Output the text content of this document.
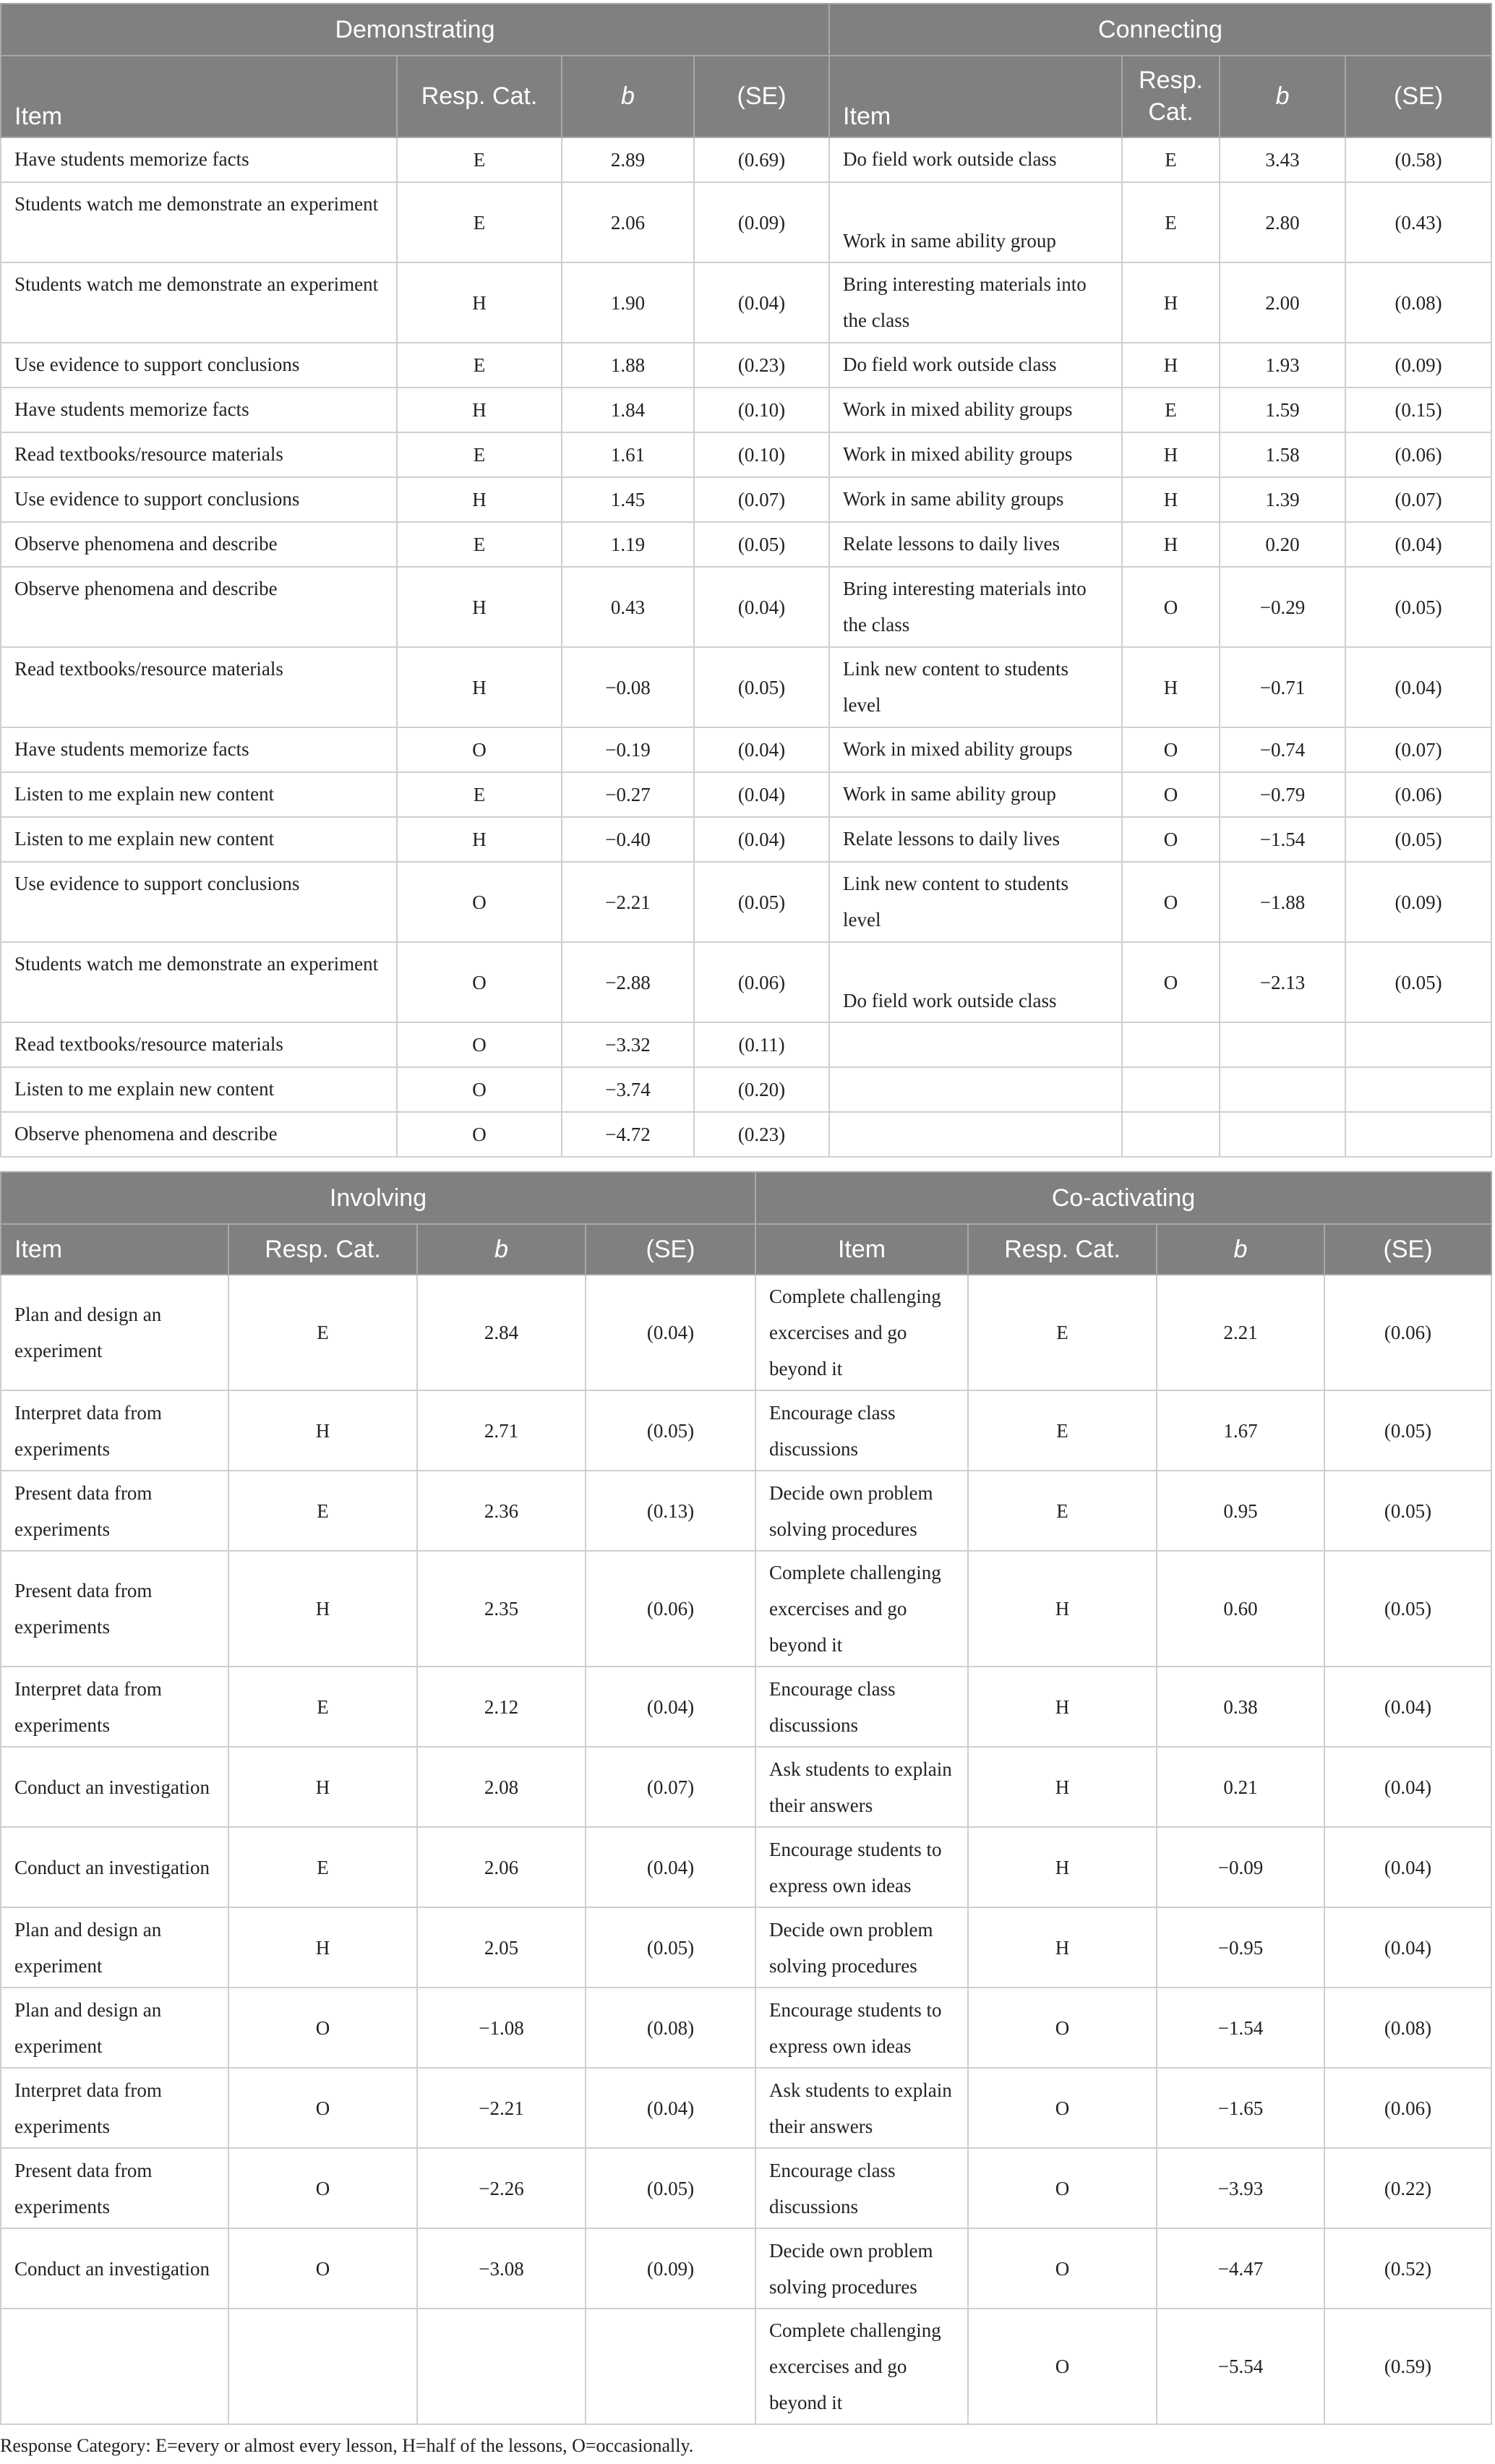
Demonstrating				Connecting			
Item	Resp. Cat.	b	(SE)	Item	Resp. Cat.	b	(SE)
Have students memorize facts	E	2.89	(0.69)	Do field work outside class	E	3.43	(0.58)
Students watch me demonstrate an experiment	E	2.06	(0.09)	Work in same ability group	E	2.80	(0.43)
Students watch me demonstrate an experiment	H	1.90	(0.04)	Bring interesting materials into the class	H	2.00	(0.08)
Use evidence to support conclusions	E	1.88	(0.23)	Do field work outside class	H	1.93	(0.09)
Have students memorize facts	H	1.84	(0.10)	Work in mixed ability groups	E	1.59	(0.15)
Read textbooks/resource materials	E	1.61	(0.10)	Work in mixed ability groups	H	1.58	(0.06)
Use evidence to support conclusions	H	1.45	(0.07)	Work in same ability groups	H	1.39	(0.07)
Observe phenomena and describe	E	1.19	(0.05)	Relate lessons to daily lives	H	0.20	(0.04)
Observe phenomena and describe	H	0.43	(0.04)	Bring interesting materials into the class	O	−0.29	(0.05)
Read textbooks/resource materials	H	−0.08	(0.05)	Link new content to students level	H	−0.71	(0.04)
Have students memorize facts	O	−0.19	(0.04)	Work in mixed ability groups	O	−0.74	(0.07)
Listen to me explain new content	E	−0.27	(0.04)	Work in same ability group	O	−0.79	(0.06)
Listen to me explain new content	H	−0.40	(0.04)	Relate lessons to daily lives	O	−1.54	(0.05)
Use evidence to support conclusions	O	−2.21	(0.05)	Link new content to students level	O	−1.88	(0.09)
Students watch me demonstrate an experiment	O	−2.88	(0.06)	Do field work outside class	O	−2.13	(0.05)
Read textbooks/resource materials	O	−3.32	(0.11)				
Listen to me explain new content	O	−3.74	(0.20)				
Observe phenomena and describe	O	−4.72	(0.23)				
Involving				Co-activating			
Item	Resp. Cat.	b	(SE)	Item	Resp. Cat.	b	(SE)
Plan and design an experiment	E	2.84	(0.04)	Complete challenging excercises and go beyond it	E	2.21	(0.06)
Interpret data from experiments	H	2.71	(0.05)	Encourage class discussions	E	1.67	(0.05)
Present data from experiments	E	2.36	(0.13)	Decide own problem solving procedures	E	0.95	(0.05)
Present data from experiments	H	2.35	(0.06)	Complete challenging excercises and go beyond it	H	0.60	(0.05)
Interpret data from experiments	E	2.12	(0.04)	Encourage class discussions	H	0.38	(0.04)
Conduct an investigation	H	2.08	(0.07)	Ask students to explain their answers	H	0.21	(0.04)
Conduct an investigation	E	2.06	(0.04)	Encourage students to express own ideas	H	−0.09	(0.04)
Plan and design an experiment	H	2.05	(0.05)	Decide own problem solving procedures	H	−0.95	(0.04)
Plan and design an experiment	O	−1.08	(0.08)	Encourage students to express own ideas	O	−1.54	(0.08)
Interpret data from experiments	O	−2.21	(0.04)	Ask students to explain their answers	O	−1.65	(0.06)
Present data from experiments	O	−2.26	(0.05)	Encourage class discussions	O	−3.93	(0.22)
Conduct an investigation	O	−3.08	(0.09)	Decide own problem solving procedures	O	−4.47	(0.52)
				Complete challenging excercises and go beyond it	O	−5.54	(0.59)
Response Category: E=every or almost every lesson, H=half of the lessons, O=occasionally.
